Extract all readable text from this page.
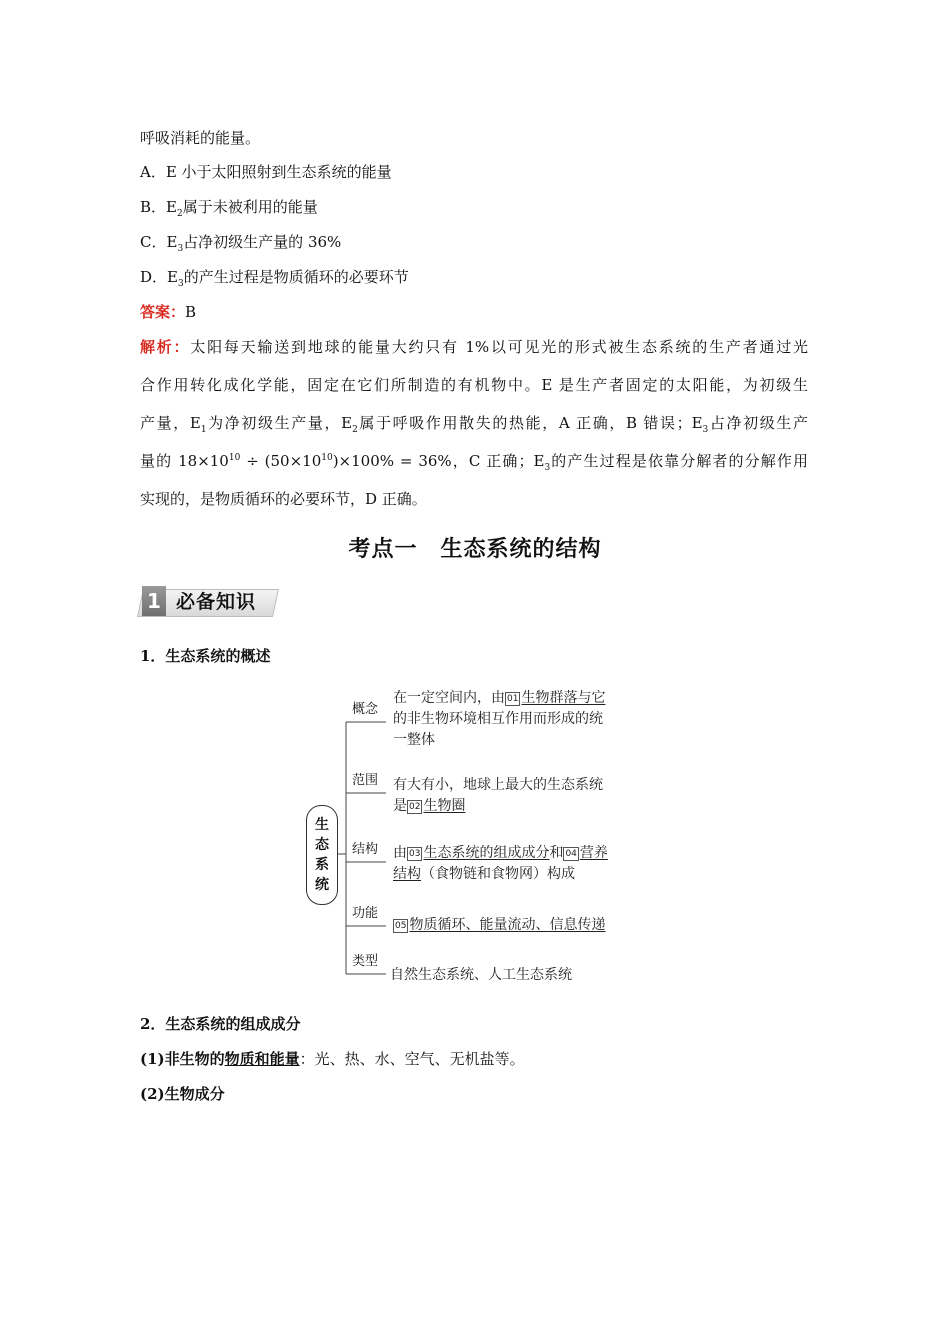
呼吸消耗的能量。
A．E 小于太阳照射到生态系统的能量
B．$E_2$属于未被利用的能量
C．$E_3$占净初级生产量的 36%
D．$E_3$的产生过程是物质循环的必要环节
答案：B
解析：太阳每天输送到地球的能量大约只有 1%以可见光的形式被生态系统的生产者通过光
合作用转化成化学能，固定在它们所制造的有机物中。E 是生产者固定的太阳能，为初级生
产量，$E_1$为净初级生产量，$E_2$属于呼吸作用散失的热能，A 正确，B 错误；$E_3$占净初级生产
量的 $18\times 10^{10} \div (50\times 10^{10})\times 100\% = 36\%$，C 正确；$E_3$的产生过程是依靠分解者的分解作用
实现的，是物质循环的必要环节，D 正确。
考点一　生态系统的结构
1 必备知识
1．生态系统的概述
生
态
系
统
概念
范围
结构
功能
类型
在一定空间内，由 01 生物群落与它
的非生物环境相互作用而形成的统
一整体
有大有小，地球上最大的生态系统
是 02 生物圈
由 03 生态系统的组成成分和 04 营养
结构（食物链和食物网）构成
05 物质循环、能量流动、信息传递
自然生态系统、人工生态系统
2．生态系统的组成成分
(1)非生物的物质和能量：光、热、水、空气、无机盐等。
(2)生物成分
